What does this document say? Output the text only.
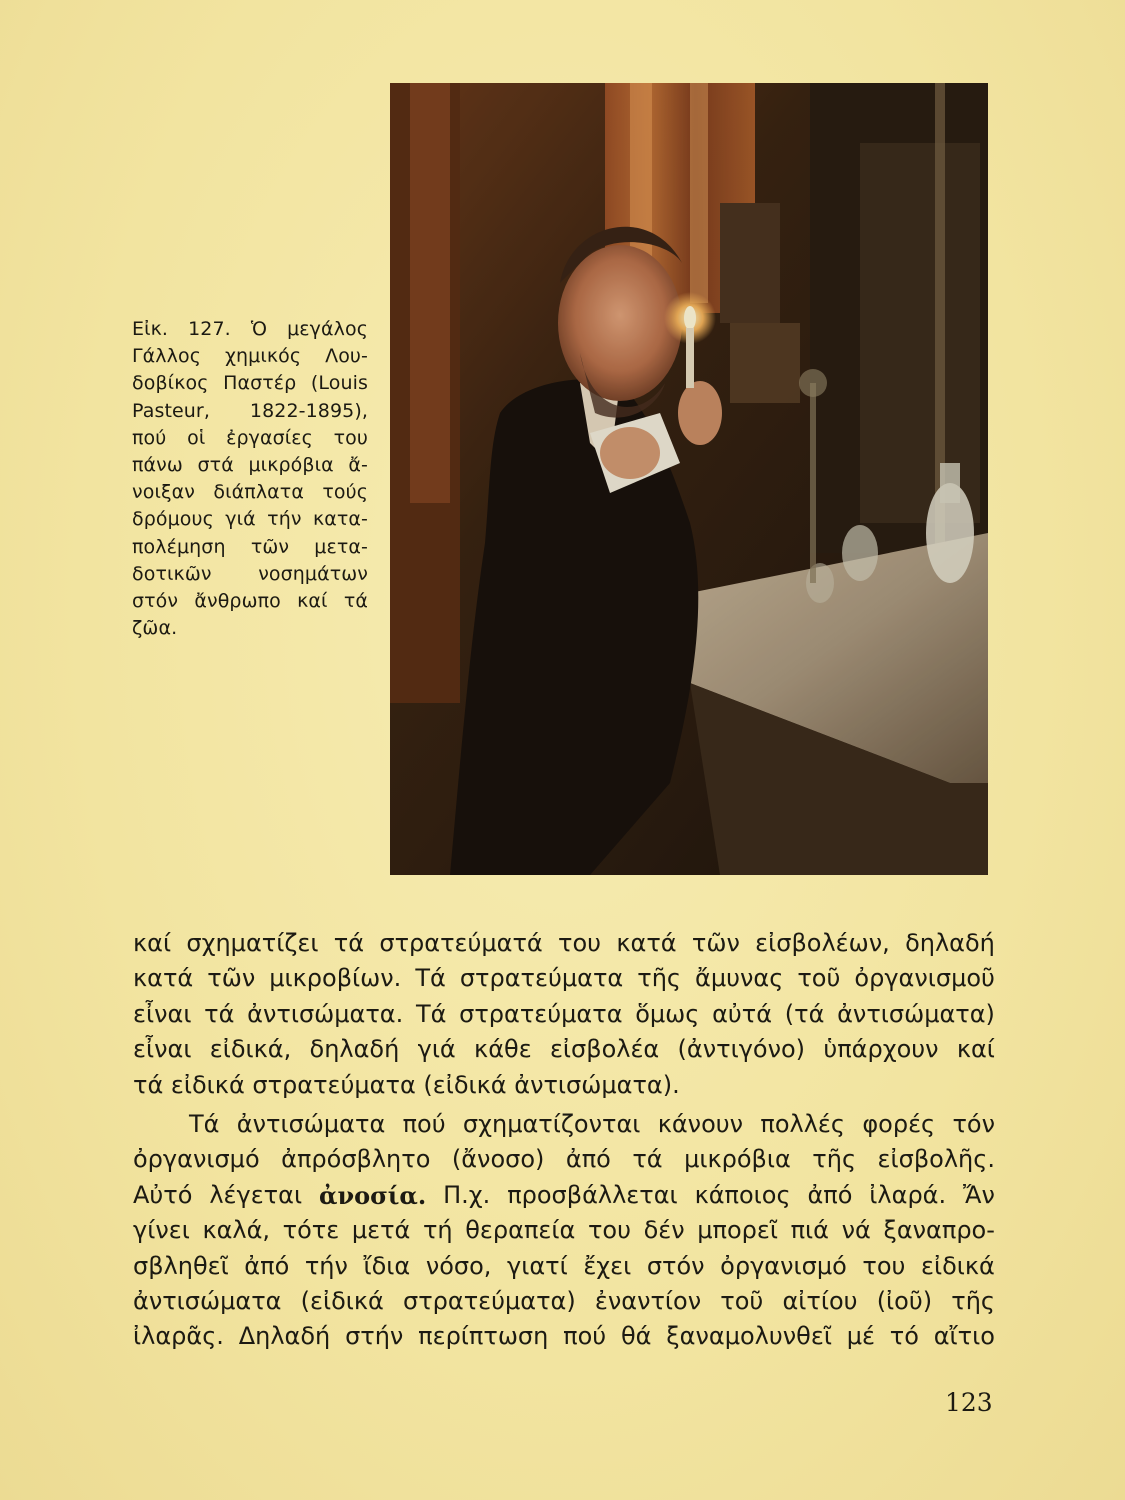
Εἰκ. 127. Ὁ μεγάλος
Γάλλος χημικός Λου-
δοβίκος Παστέρ (Louis
Pasteur, 1822-1895),
πού οἱ ἐργασίες του
πάνω στά μικρόβια ἄ-
νοιξαν διάπλατα τούς
δρόμους γιά τήν κατα-
πολέμηση τῶν μετα-
δοτικῶν νοσημάτων
στόν ἄνθρωπο καί τά
ζῶα.
καί σχηματίζει τά στρατεύματά του κατά τῶν εἰσβολέων, δηλαδή
κατά τῶν μικροβίων. Τά στρατεύματα τῆς ἄμυνας τοῦ ὀργανισμοῦ
εἶναι τά ἀντισώματα. Τά στρατεύματα ὅμως αὐτά (τά ἀντισώματα)
εἶναι εἰδικά, δηλαδή γιά κάθε εἰσβολέα (ἀντιγόνο) ὑπάρχουν καί
τά εἰδικά στρατεύματα (εἰδικά ἀντισώματα).
Τά ἀντισώματα πού σχηματίζονται κάνουν πολλές φορές τόν
ὀργανισμό ἀπρόσβλητο (ἄνοσο) ἀπό τά μικρόβια τῆς εἰσβολῆς.
Αὐτό λέγεται ἀνοσία. Π.χ. προσβάλλεται κάποιος ἀπό ἰλαρά. Ἄν
γίνει καλά, τότε μετά τή θεραπεία του δέν μπορεῖ πιά νά ξαναπρο-
σβληθεῖ ἀπό τήν ἴδια νόσο, γιατί ἔχει στόν ὀργανισμό του εἰδικά
ἀντισώματα (εἰδικά στρατεύματα) ἐναντίον τοῦ αἰτίου (ἰοῦ) τῆς
ἰλαρᾶς. Δηλαδή στήν περίπτωση πού θά ξαναμολυνθεῖ μέ τό αἴτιο
123
